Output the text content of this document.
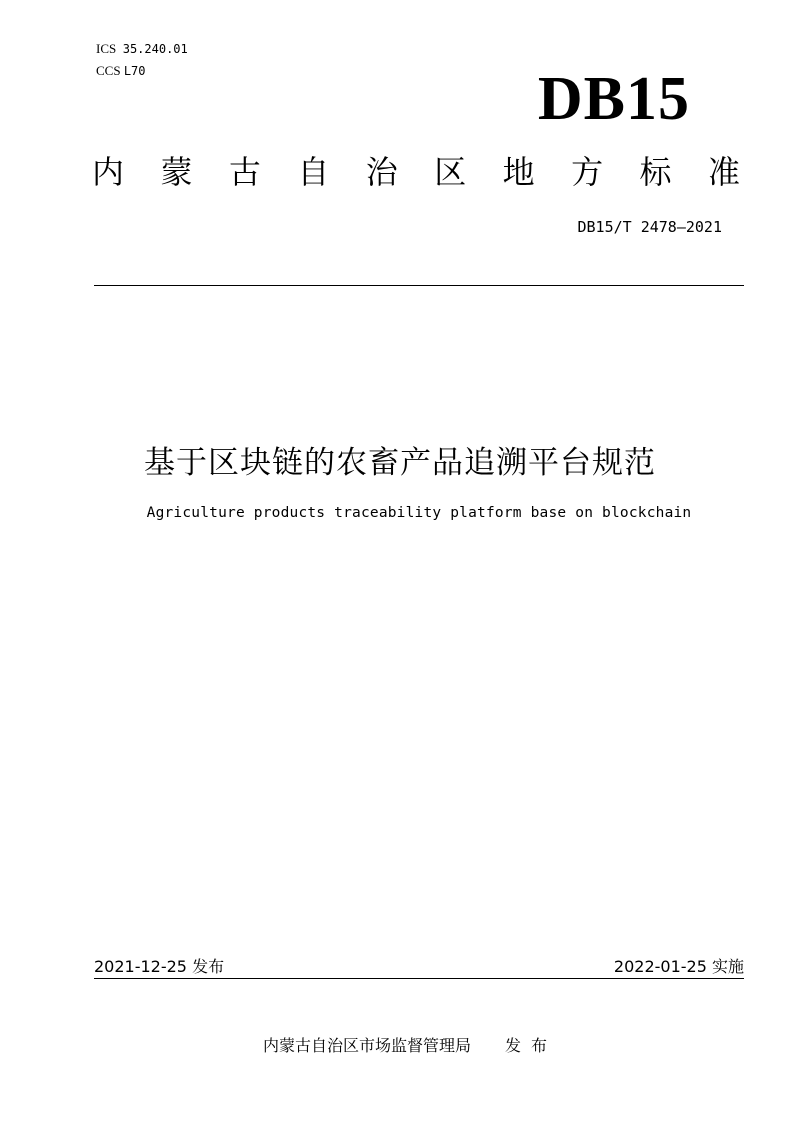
ICS 35.240.01
CCS L70	DB15
内 蒙 古 自 治 区 地 方 标 准
DB15/T 2478—2021
基于区块链的农畜产品追溯平台规范
Agriculture products traceability platform base on blockchain
2021-12-25 发布	2022-01-25 实施
内蒙古自治区市场监督管理局 发布
